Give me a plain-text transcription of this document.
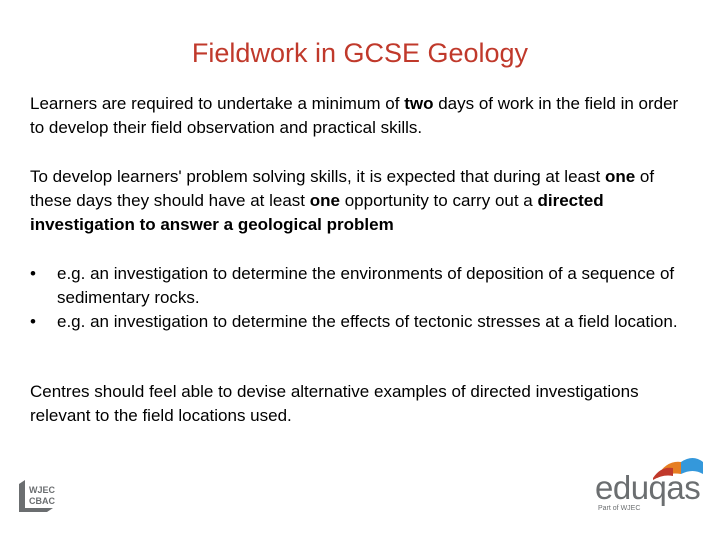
Fieldwork in GCSE Geology
Learners are required to undertake a minimum of two days of work in the field in order to develop their field observation and practical skills.
To develop learners' problem solving skills, it is expected that during at least one of these days they should have at least one opportunity to carry out a directed investigation to answer a geological problem
• e.g. an investigation to determine the environments of deposition of a sequence of sedimentary rocks.
• e.g. an investigation to determine the effects of tectonic stresses at a field location.
Centres should feel able to devise alternative examples of directed investigations relevant to the field locations used.
WJEC
CBAC	eduqas
Part of WJEC
